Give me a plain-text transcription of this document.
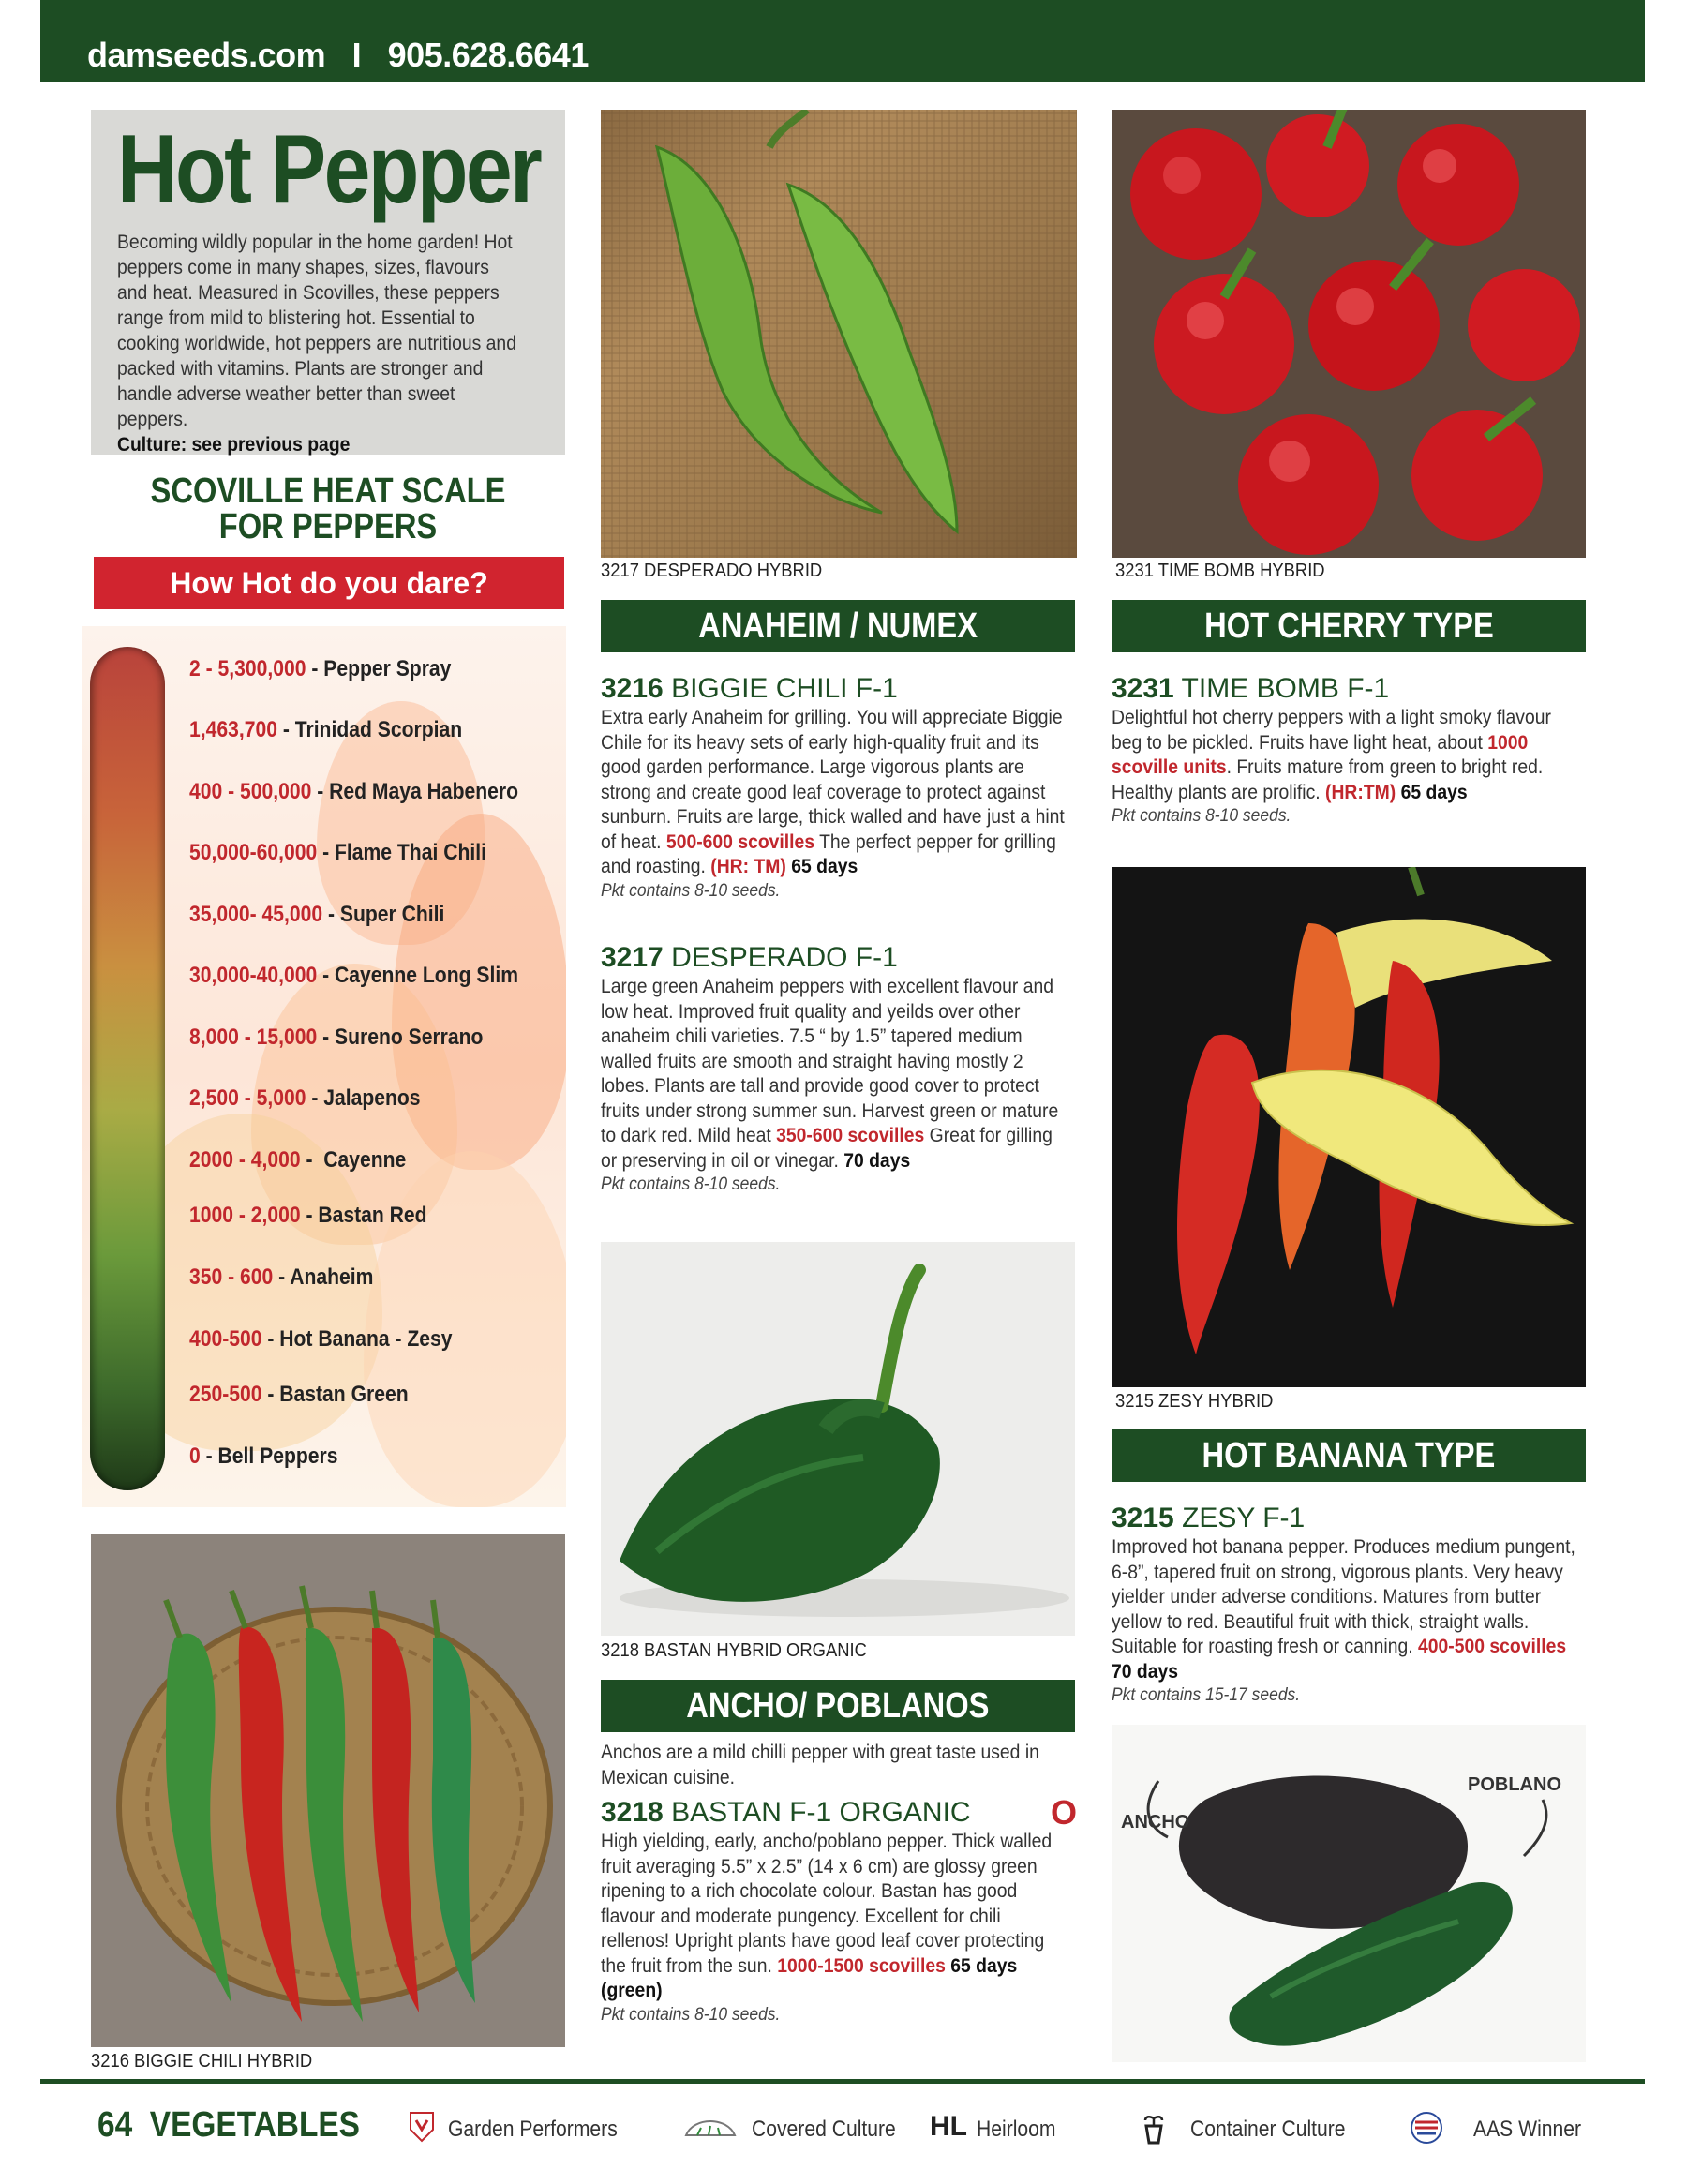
damseeds.com   I   905.628.6641
Hot Pepper

Becoming wildly popular in the home garden! Hot peppers come in many shapes, sizes, flavours and heat. Measured in Scovilles, these peppers range from mild to blistering hot. Essential to cooking worldwide, hot peppers are nutritious and packed with vitamins. Plants are stronger and handle adverse weather better than sweet peppers.
Culture: see previous page

SCOVILLE HEAT SCALE
FOR PEPPERS
How Hot do you dare?
2 - 5,300,000 - Pepper Spray
1,463,700 - Trinidad Scorpian
400 - 500,000 - Red Maya Habenero
50,000-60,000 - Flame Thai Chili
35,000- 45,000 - Super Chili
30,000-40,000 - Cayenne Long Slim
8,000 - 15,000 - Sureno Serrano
2,500 - 5,000 - Jalapenos
2000 - 4,000 -  Cayenne
1000 - 2,000 - Bastan Red
350 - 600 - Anaheim
400-500 - Hot Banana - Zesy
250-500 - Bastan Green
0 - Bell Peppers
3217 DESPERADO HYBRID	3231 TIME BOMB HYBRID
ANAHEIM / NUMEX	HOT CHERRY TYPE
3216 BIGGIE CHILI F-1
Extra early Anaheim for grilling. You will appreciate Biggie Chile for its heavy sets of early high-quality fruit and its good garden performance. Large vigorous plants are strong and create good leaf coverage to protect against sunburn. Fruits are large, thick walled and have just a hint of heat. 500-600 scovilles The perfect pepper for grilling and roasting. (HR: TM) 65 days
Pkt contains 8-10 seeds.
3217 DESPERADO F-1
Large green Anaheim peppers with excellent flavour and low heat. Improved fruit quality and yeilds over other anaheim chili varieties. 7.5 “ by 1.5” tapered medium walled fruits are smooth and straight having mostly 2 lobes. Plants are tall and provide good cover to protect fruits under strong summer sun. Harvest green or mature to dark red. Mild heat 350-600 scovilles Great for gilling or preserving in oil or vinegar. 70 days
Pkt contains 8-10 seeds.
3231 TIME BOMB F-1
Delightful hot cherry peppers with a light smoky flavour beg to be pickled. Fruits have light heat, about 1000 scoville units. Fruits mature from green to bright red. Healthy plants are prolific. (HR:TM) 65 days
Pkt contains 8-10 seeds.
3215 ZESY HYBRID
HOT BANANA TYPE
3215 ZESY F-1
Improved hot banana pepper. Produces medium pungent, 6-8”, tapered fruit on strong, vigorous plants. Very heavy yielder under adverse conditions. Matures from butter yellow to red. Beautiful fruit with thick, straight walls. Suitable for roasting fresh or canning. 400-500 scovilles 70 days
Pkt contains 15-17 seeds.
ANCHO
POBLANO
3218 BASTAN HYBRID ORGANIC
ANCHO/ POBLANOS
Anchos are a mild chilli pepper with great taste used in Mexican cuisine.
3218 BASTAN F-1 ORGANIC O
High yielding, early, ancho/poblano pepper. Thick walled fruit averaging 5.5” x 2.5” (14 x 6 cm) are glossy green ripening to a rich chocolate colour. Bastan has good flavour and moderate pungency. Excellent for chili rellenos! Upright plants have good leaf cover protecting the fruit from the sun. 1000-1500 scovilles 65 days (green)
Pkt contains 8-10 seeds.
3216 BIGGIE CHILI HYBRID
64  VEGETABLES	Garden Performers	Covered Culture HL Heirloom	Container Culture	AAS Winner
